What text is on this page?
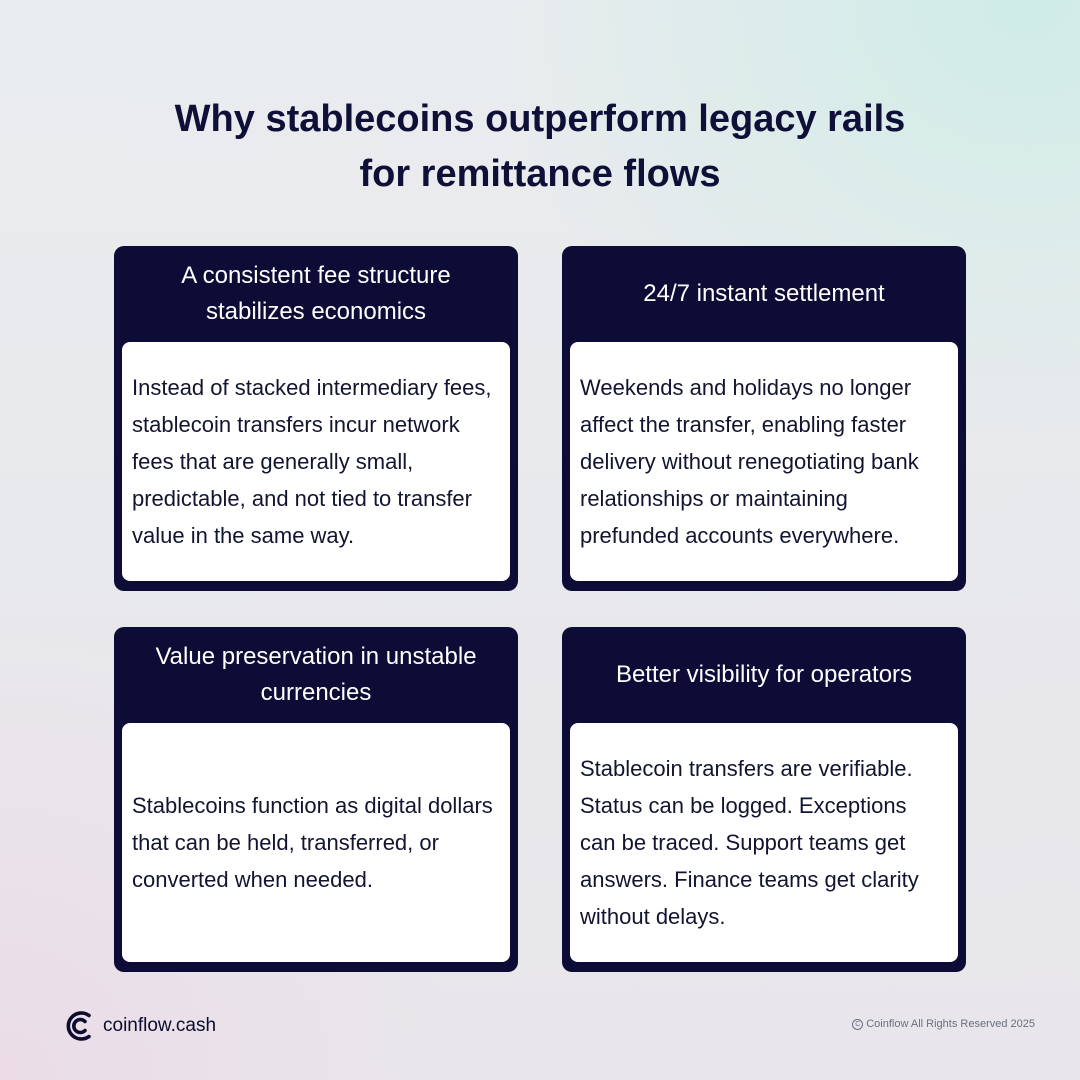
Why stablecoins outperform legacy rails
for remittance flows
A consistent fee structure stabilizes economics

Instead of stacked intermediary fees, stablecoin transfers incur network fees that are generally small, predictable, and not tied to transfer value in the same way.

24/7 instant settlement

Weekends and holidays no longer affect the transfer, enabling faster delivery without renegotiating bank relationships or maintaining prefunded accounts everywhere.

Value preservation in unstable currencies

Stablecoins function as digital dollars that can be held, transferred, or converted when needed.

Better visibility for operators

Stablecoin transfers are verifiable. Status can be logged. Exceptions can be traced. Support teams get answers. Finance teams get clarity without delays.

coinflow.cash	C Coinflow All Rights Reserved 2025
